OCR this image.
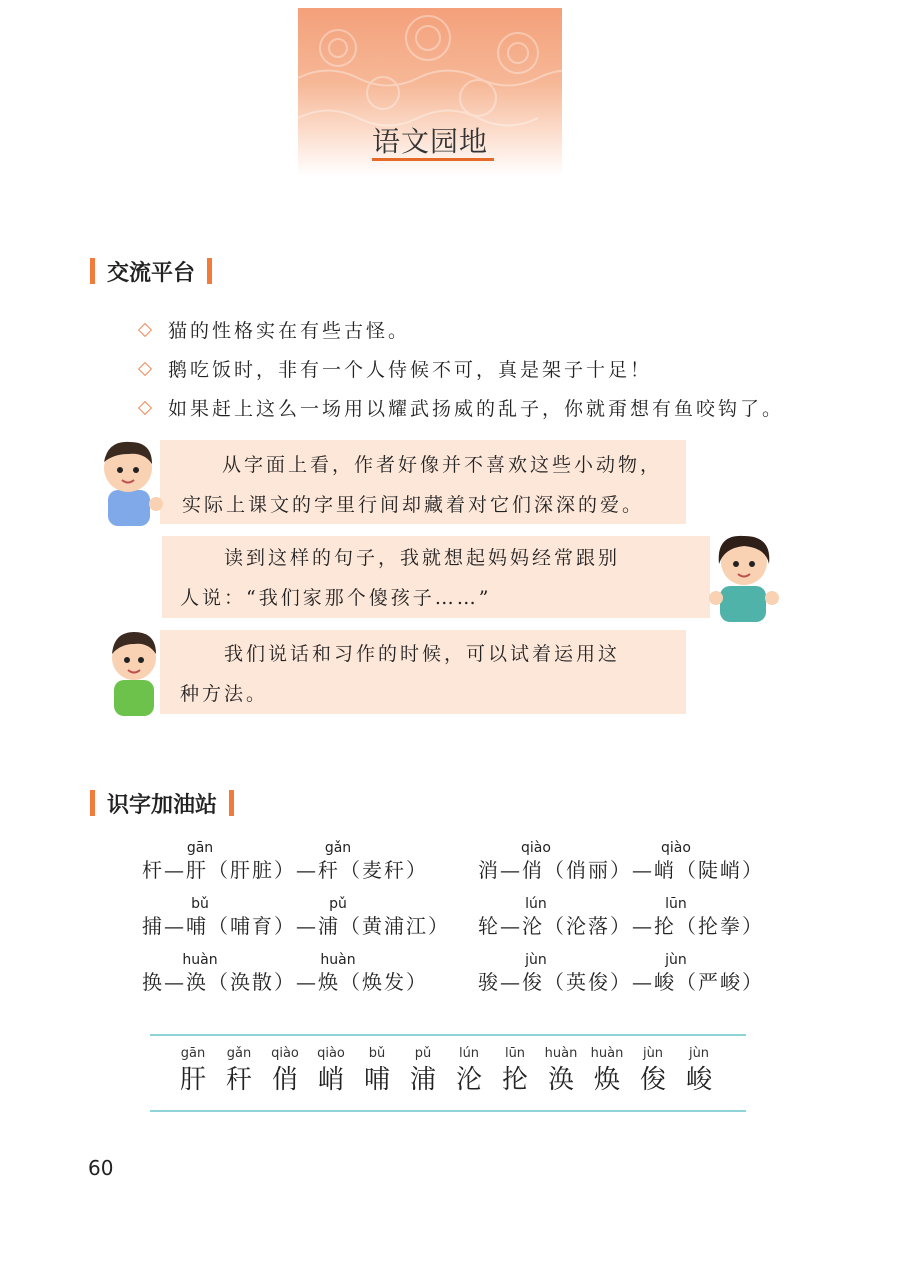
语文园地
交流平台
猫的性格实在有些古怪。
鹅吃饭时，非有一个人侍候不可，真是架子十足！
如果赶上这么一场用以耀武扬威的乱子，你就甭想有鱼咬钩了。

从字面上看，作者好像并不喜欢这些小动物，

实际上课文的字里行间却藏着对它们深深的爱。

读到这样的句子，我就想起妈妈经常跟别

人说：“我们家那个傻孩子……”

我们说话和习作的时候，可以试着运用这

种方法。

识字加油站
gān	gǎn
杆—肝（肝脏）—秆（麦秆）
qiào	qiào
消—俏（俏丽）—峭（陡峭）
bǔ	pǔ
捕—哺（哺育）—浦（黄浦江）
lún	lūn
轮—沦（沦落）—抡（抡拳）
huàn	huàn
换—涣（涣散）—焕（焕发）
jùn	jùn
骏—俊（英俊）—峻（严峻）
gān
肝
gǎn
秆
qiào
俏
qiào
峭
bǔ
哺
pǔ
浦
lún
沦
lūn
抡
huàn
涣
huàn
焕
jùn
俊
jùn
峻
60
